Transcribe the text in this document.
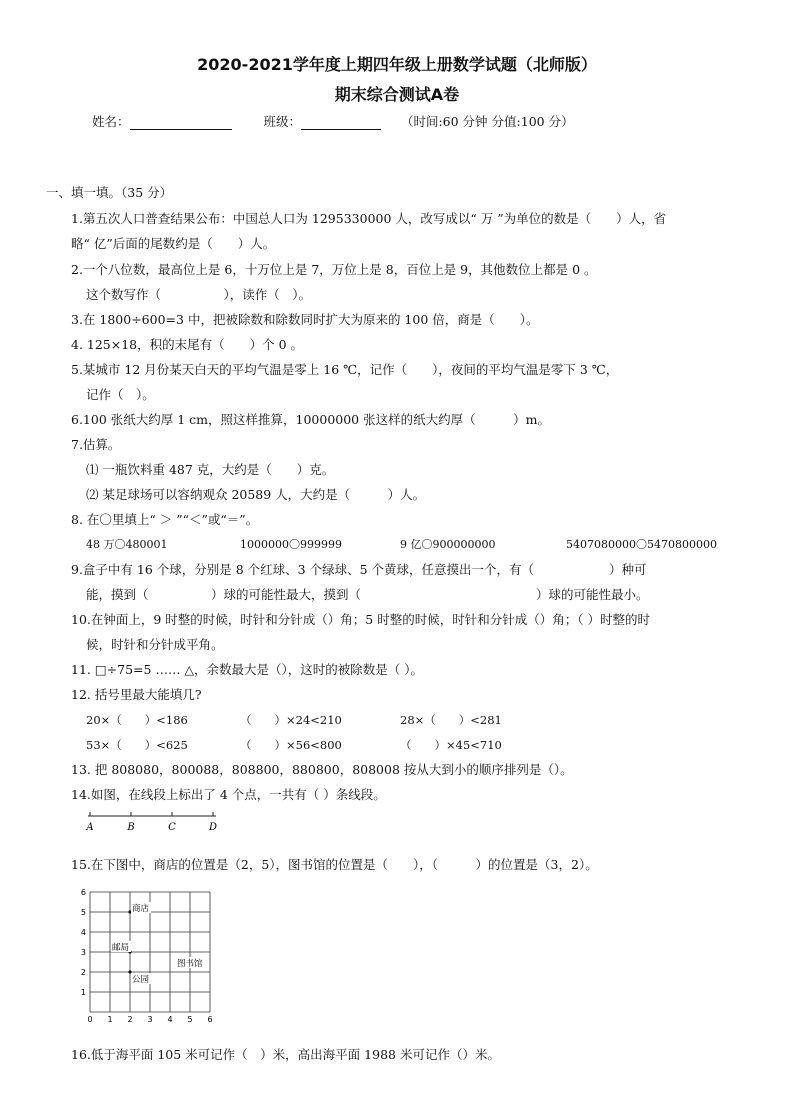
2020-2021学年度上期四年级上册数学试题（北师版）
期末综合测试A卷
姓名：	班级：	（时间:60 分钟 分值:100 分）
一、填一填。（35 分）
1.第五次人口普查结果公布：中国总人口为 1295330000 人，改写成以“ 万 ”为单位的数是（　　）人，省
略“ 亿”后面的尾数约是（　　）人。
2.一个八位数，最高位上是 6，十万位上是 7，万位上是 8，百位上是 9，其他数位上都是 0 。
这个数写作（　　　　　），读作（　）。
3.在 1800÷600=3 中，把被除数和除数同时扩大为原来的 100 倍，商是（　　）。
4. 125×18，积的末尾有（　　）个 0 。
5.某城市 12 月份某天白天的平均气温是零上 16 ℃，记作（　　），夜间的平均气温是零下 3 ℃，
记作（　）。
6.100 张纸大约厚 1 cm，照这样推算，10000000 张这样的纸大约厚（　　　）m。
7.估算。
⑴ 一瓶饮料重 487 克，大约是（　　）克。
⑵ 某足球场可以容纳观众 20589 人，大约是（　　　）人。
8. 在〇里填上“ ＞ ”“＜”或“＝”。
48 万〇480001	1000000〇999999	9 亿〇900000000	5407080000〇5470800000
9.盒子中有 16 个球，分别是 8 个红球、3 个绿球、5 个黄球，任意摸出一个，有（　　　　　　）种可
能，摸到（　　　　　）球的可能性最大，摸到（　　　　　　　　　　　　　　）球的可能性最小。
10.在钟面上，9 时整的时候，时针和分针成（）角；5 时整的时候，时针和分针成（）角；（ ）时整的时
候，时针和分针成平角。
11. □÷75=5 …… △，余数最大是（），这时的被除数是（ ）。
12. 括号里最大能填几?
20×（　　）<186	（　　）×24<210	28×（　　）<281
53×（　　）<625	（　　）×56<800	（　　）×45<710
13. 把 808080，800088，808800，880800，808008 按从大到小的顺序排列是（）。
14.如图，在线段上标出了 4 个点，一共有（ ）条线段。
A	B	C	D
15.在下图中，商店的位置是（2，5），图书馆的位置是（　　），（　　　）的位置是（3，2）。
0 1 2 3 4 5 6
1
2
3
4
5
6
商店
邮局
公园
图书馆
16.低于海平面 105 米可记作（　）米，高出海平面 1988 米可记作（）米。
